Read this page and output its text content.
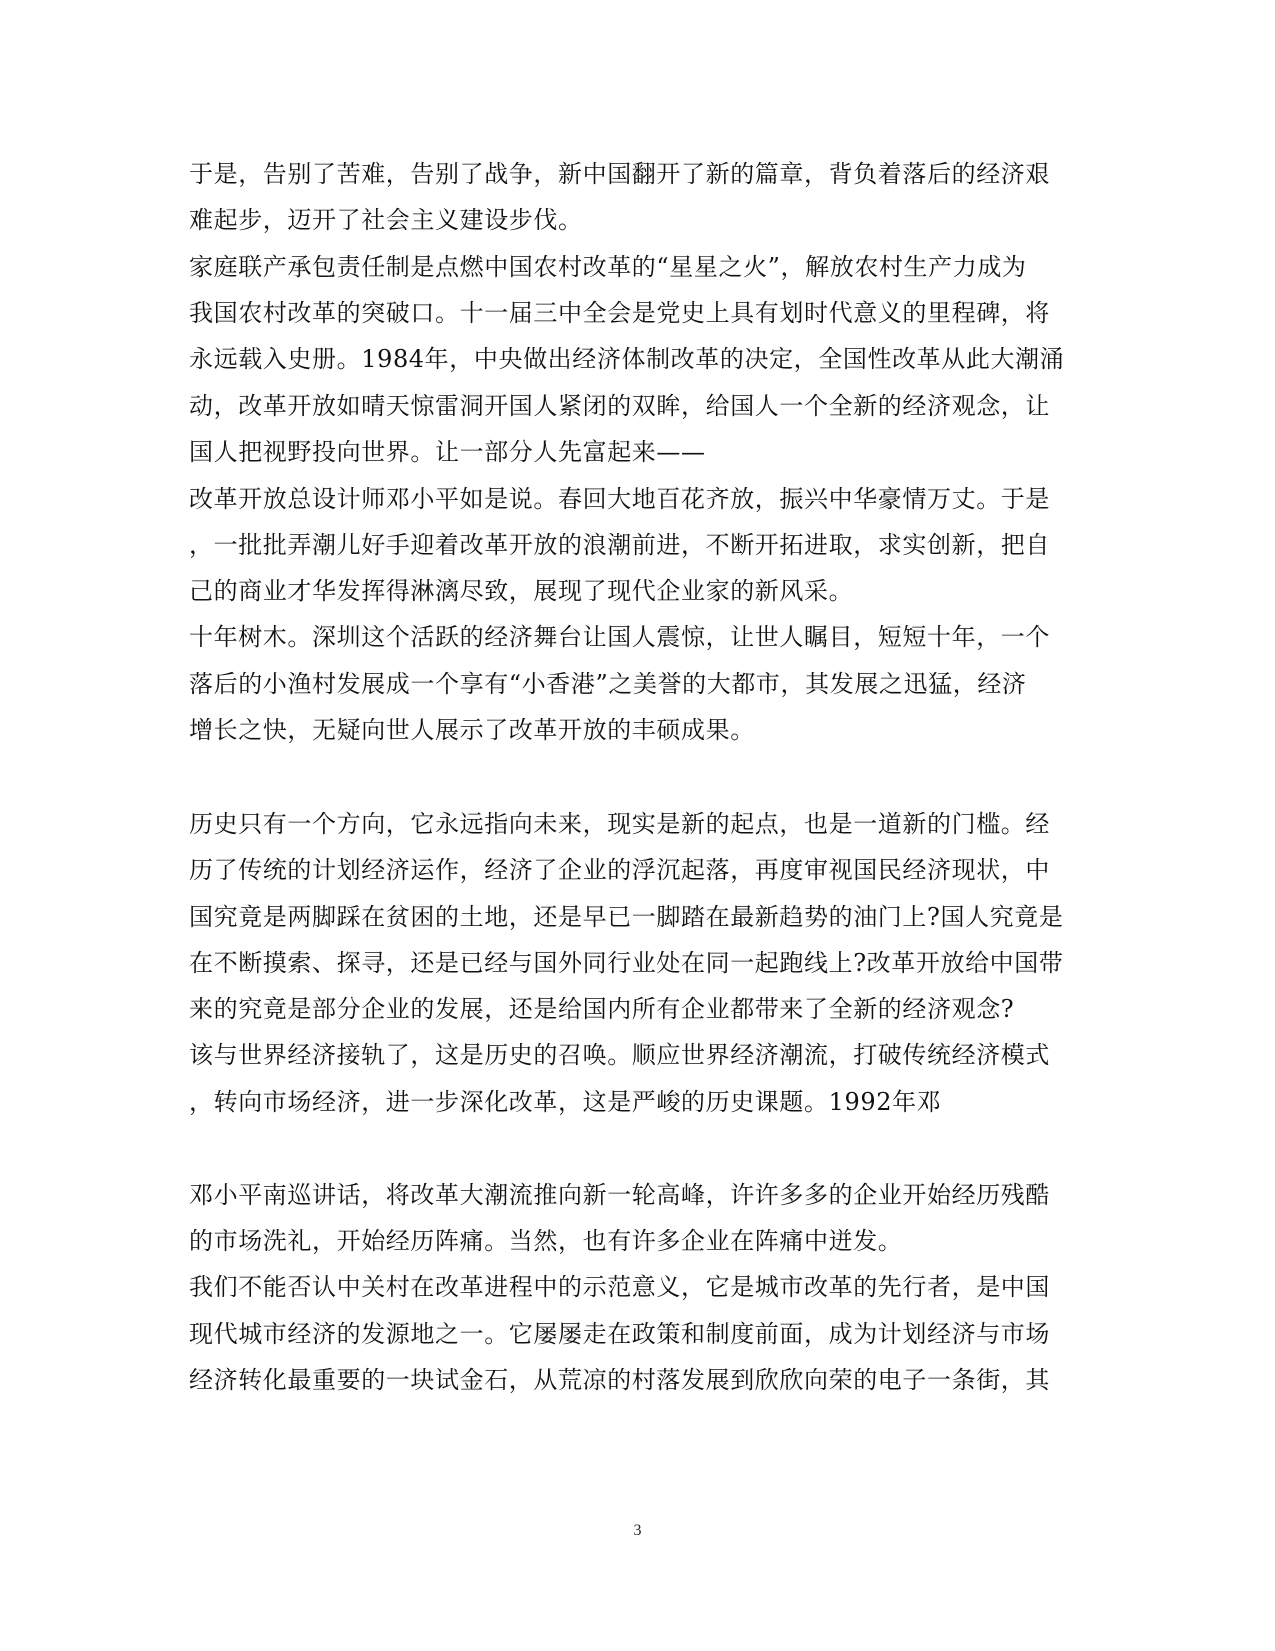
于是，告别了苦难，告别了战争，新中国翻开了新的篇章，背负着落后的经济艰
难起步，迈开了社会主义建设步伐。
家庭联产承包责任制是点燃中国农村改革的“星星之火”，解放农村生产力成为
我国农村改革的突破口。十一届三中全会是党史上具有划时代意义的里程碑，将
永远载入史册。1984年，中央做出经济体制改革的决定，全国性改革从此大潮涌
动，改革开放如晴天惊雷洞开国人紧闭的双眸，给国人一个全新的经济观念，让
国人把视野投向世界。让一部分人先富起来——
改革开放总设计师邓小平如是说。春回大地百花齐放，振兴中华豪情万丈。于是
，一批批弄潮儿好手迎着改革开放的浪潮前进，不断开拓进取，求实创新，把自
己的商业才华发挥得淋漓尽致，展现了现代企业家的新风采。
十年树木。深圳这个活跃的经济舞台让国人震惊，让世人瞩目，短短十年，一个
落后的小渔村发展成一个享有“小香港”之美誉的大都市，其发展之迅猛，经济
增长之快，无疑向世人展示了改革开放的丰硕成果。
历史只有一个方向，它永远指向未来，现实是新的起点，也是一道新的门槛。经
历了传统的计划经济运作，经济了企业的浮沉起落，再度审视国民经济现状，中
国究竟是两脚踩在贫困的土地，还是早已一脚踏在最新趋势的油门上?国人究竟是
在不断摸索、探寻，还是已经与国外同行业处在同一起跑线上?改革开放给中国带
来的究竟是部分企业的发展，还是给国内所有企业都带来了全新的经济观念?
该与世界经济接轨了，这是历史的召唤。顺应世界经济潮流，打破传统经济模式
，转向市场经济，进一步深化改革，这是严峻的历史课题。1992年邓
邓小平南巡讲话，将改革大潮流推向新一轮高峰，许许多多的企业开始经历残酷
的市场洗礼，开始经历阵痛。当然，也有许多企业在阵痛中迸发。
我们不能否认中关村在改革进程中的示范意义，它是城市改革的先行者，是中国
现代城市经济的发源地之一。它屡屡走在政策和制度前面，成为计划经济与市场
经济转化最重要的一块试金石，从荒凉的村落发展到欣欣向荣的电子一条街，其
3
